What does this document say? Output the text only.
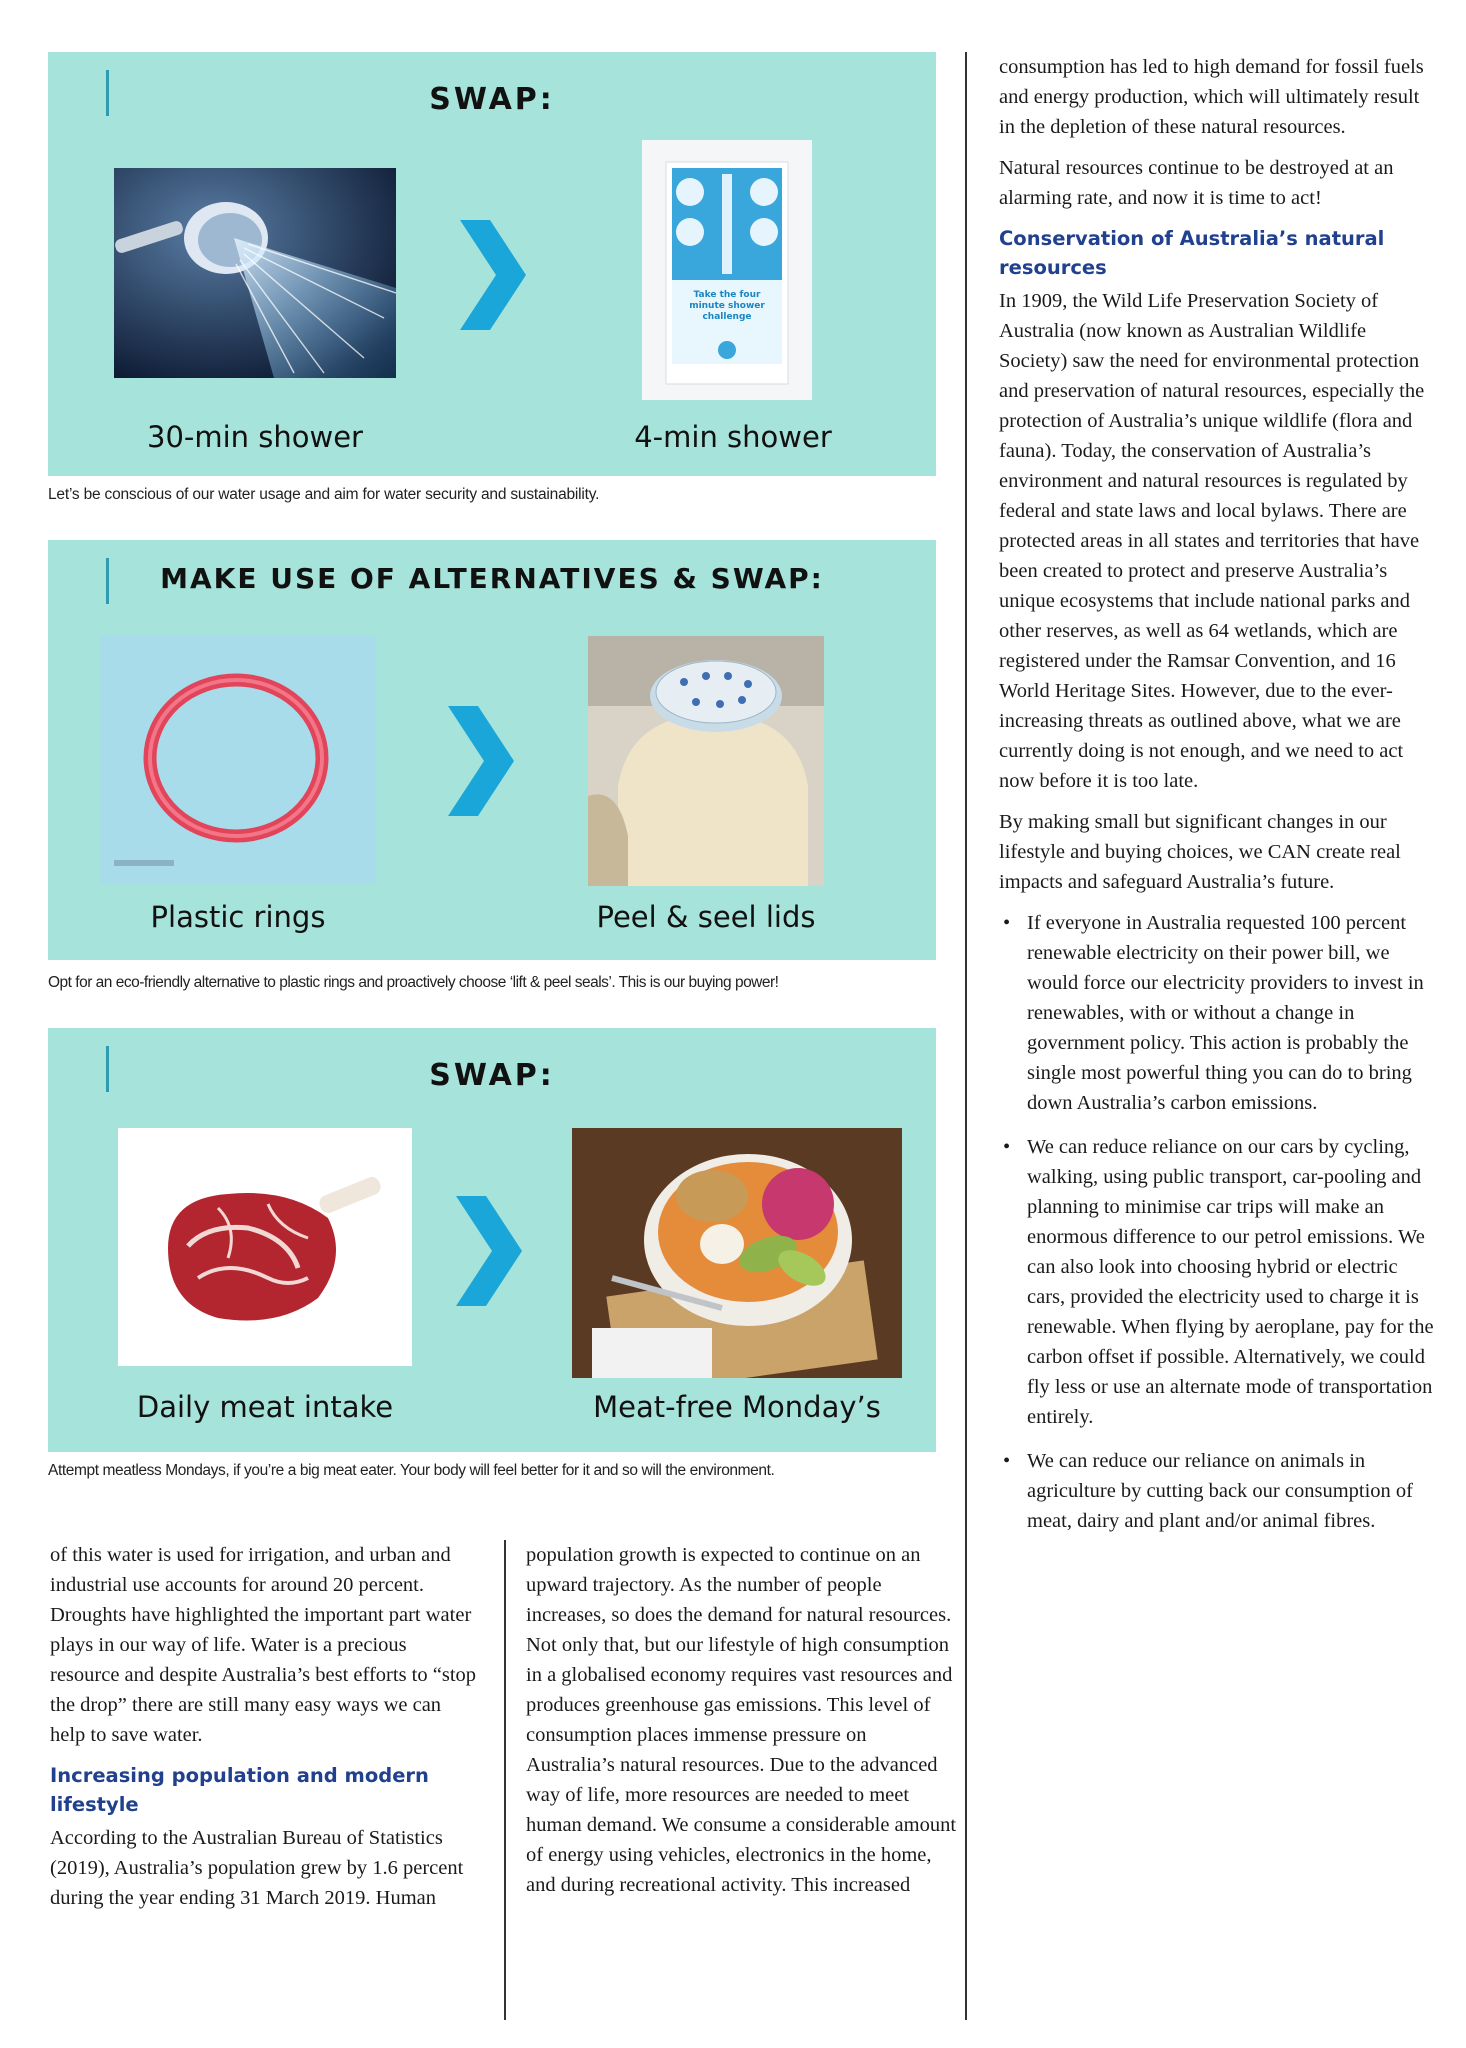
SWAP:
Take the four minute shower challenge

30-min shower	4-min shower

Let’s be conscious of our water usage and aim for water security and sustainability.

MAKE USE OF ALTERNATIVES & SWAP:

Plastic rings	Peel & seel lids

Opt for an eco-friendly alternative to plastic rings and proactively choose ‘lift & peel seals’. This is our buying power!

SWAP:

Daily meat intake	Meat-free Monday’s

Attempt meatless Mondays, if you’re a big meat eater. Your body will feel better for it and so will the environment.

of this water is used for irrigation, and urban and industrial use accounts for around 20 percent. Droughts have highlighted the important part water plays in our way of life. Water is a precious resource and despite Australia’s best efforts to “stop the drop” there are still many easy ways we can help to save water.

Increasing population and modern lifestyle

According to the Australian Bureau of Statistics (2019), Australia’s population grew by 1.6 percent during the year ending 31 March 2019. Human

population growth is expected to continue on an upward trajectory. As the number of people increases, so does the demand for natural resources. Not only that, but our lifestyle of high consumption in a globalised economy requires vast resources and produces greenhouse gas emissions. This level of consumption places immense pressure on Australia’s natural resources. Due to the advanced way of life, more resources are needed to meet human demand. We consume a considerable amount of energy using vehicles, electronics in the home, and during recreational activity. This increased

consumption has led to high demand for fossil fuels and energy production, which will ultimately result in the depletion of these natural resources.

Natural resources continue to be destroyed at an alarming rate, and now it is time to act!

Conservation of Australia’s natural resources

In 1909, the Wild Life Preservation Society of Australia (now known as Australian Wildlife Society) saw the need for environmental protection and preservation of natural resources, especially the protection of Australia’s unique wildlife (flora and fauna). Today, the conservation of Australia’s environment and natural resources is regulated by federal and state laws and local bylaws. There are protected areas in all states and territories that have been created to protect and preserve Australia’s unique ecosystems that include national parks and other reserves, as well as 64 wetlands, which are registered under the Ramsar Convention, and 16 World Heritage Sites. However, due to the ever-increasing threats as outlined above, what we are currently doing is not enough, and we need to act now before it is too late.

By making small but significant changes in our lifestyle and buying choices, we CAN create real impacts and safeguard Australia’s future.

• If everyone in Australia requested 100 percent renewable electricity on their power bill, we would force our electricity providers to invest in renewables, with or without a change in government policy. This action is probably the single most powerful thing you can do to bring down Australia’s carbon emissions.
• We can reduce reliance on our cars by cycling, walking, using public transport, car-pooling and planning to minimise car trips will make an enormous difference to our petrol emissions. We can also look into choosing hybrid or electric cars, provided the electricity used to charge it is renewable. When flying by aeroplane, pay for the carbon offset if possible. Alternatively, we could fly less or use an alternate mode of transportation entirely.
• We can reduce our reliance on animals in agriculture by cutting back our consumption of meat, dairy and plant and/or animal fibres.
